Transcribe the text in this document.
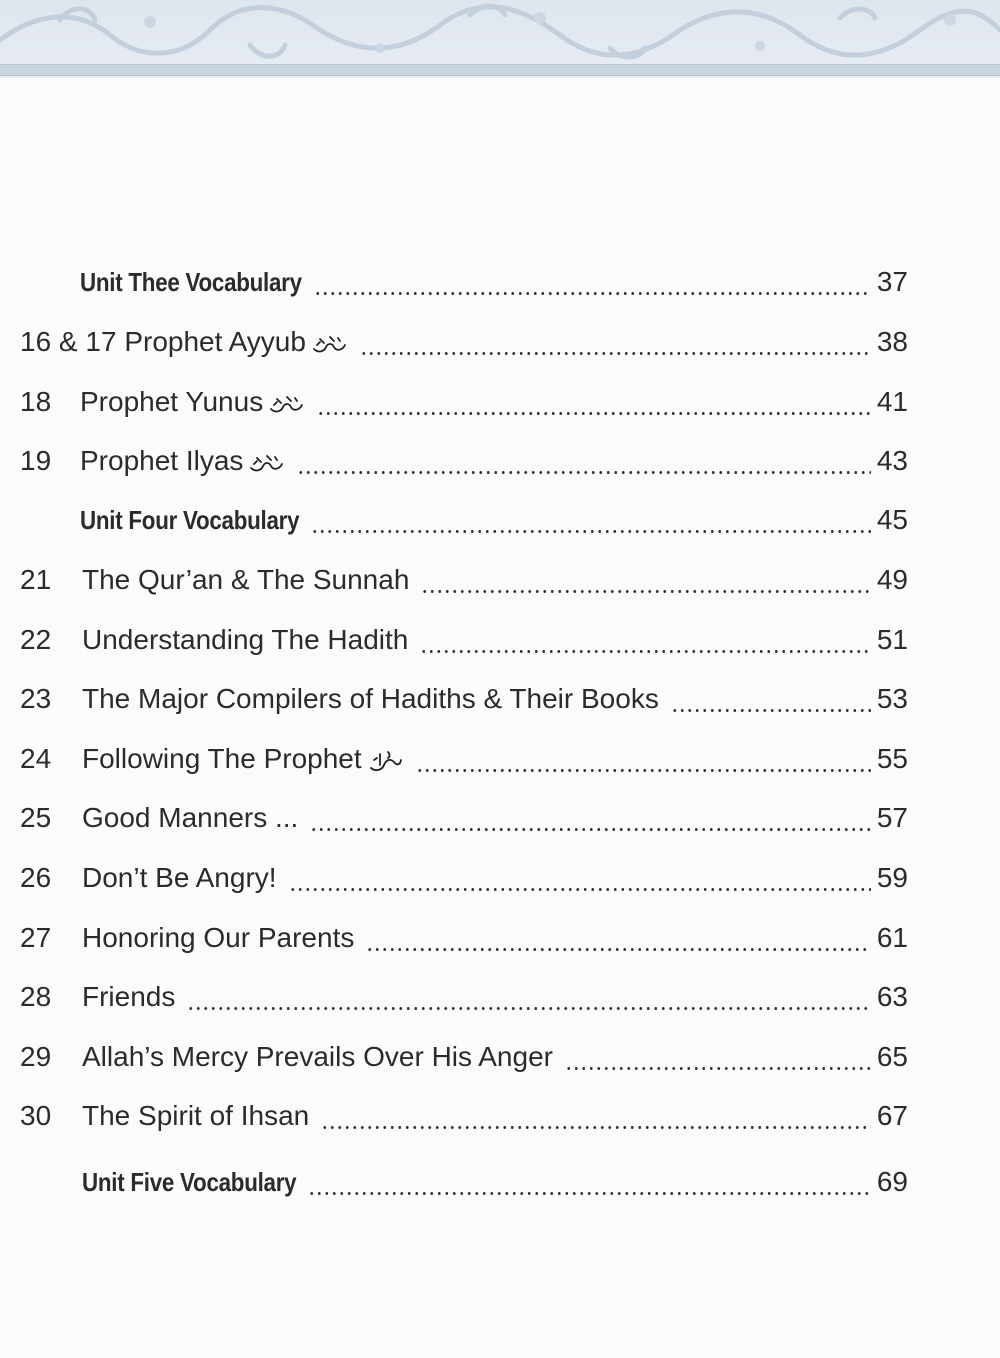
Unit Thee Vocabulary	37
16 & 17 Prophet Ayyub	38
18 Prophet Yunus	41
19 Prophet Ilyas	43
Unit Four Vocabulary	45
21 The Qur’an & The Sunnah	49
22 Understanding The Hadith	51
23 The Major Compilers of Hadiths & Their Books	53
24 Following The Prophet	55
25 Good Manners ...	57
26 Don’t Be Angry!	59
27 Honoring Our Parents	61
28 Friends	63
29 Allah’s Mercy Prevails Over His Anger	65
30 The Spirit of Ihsan	67
Unit Five Vocabulary	69
